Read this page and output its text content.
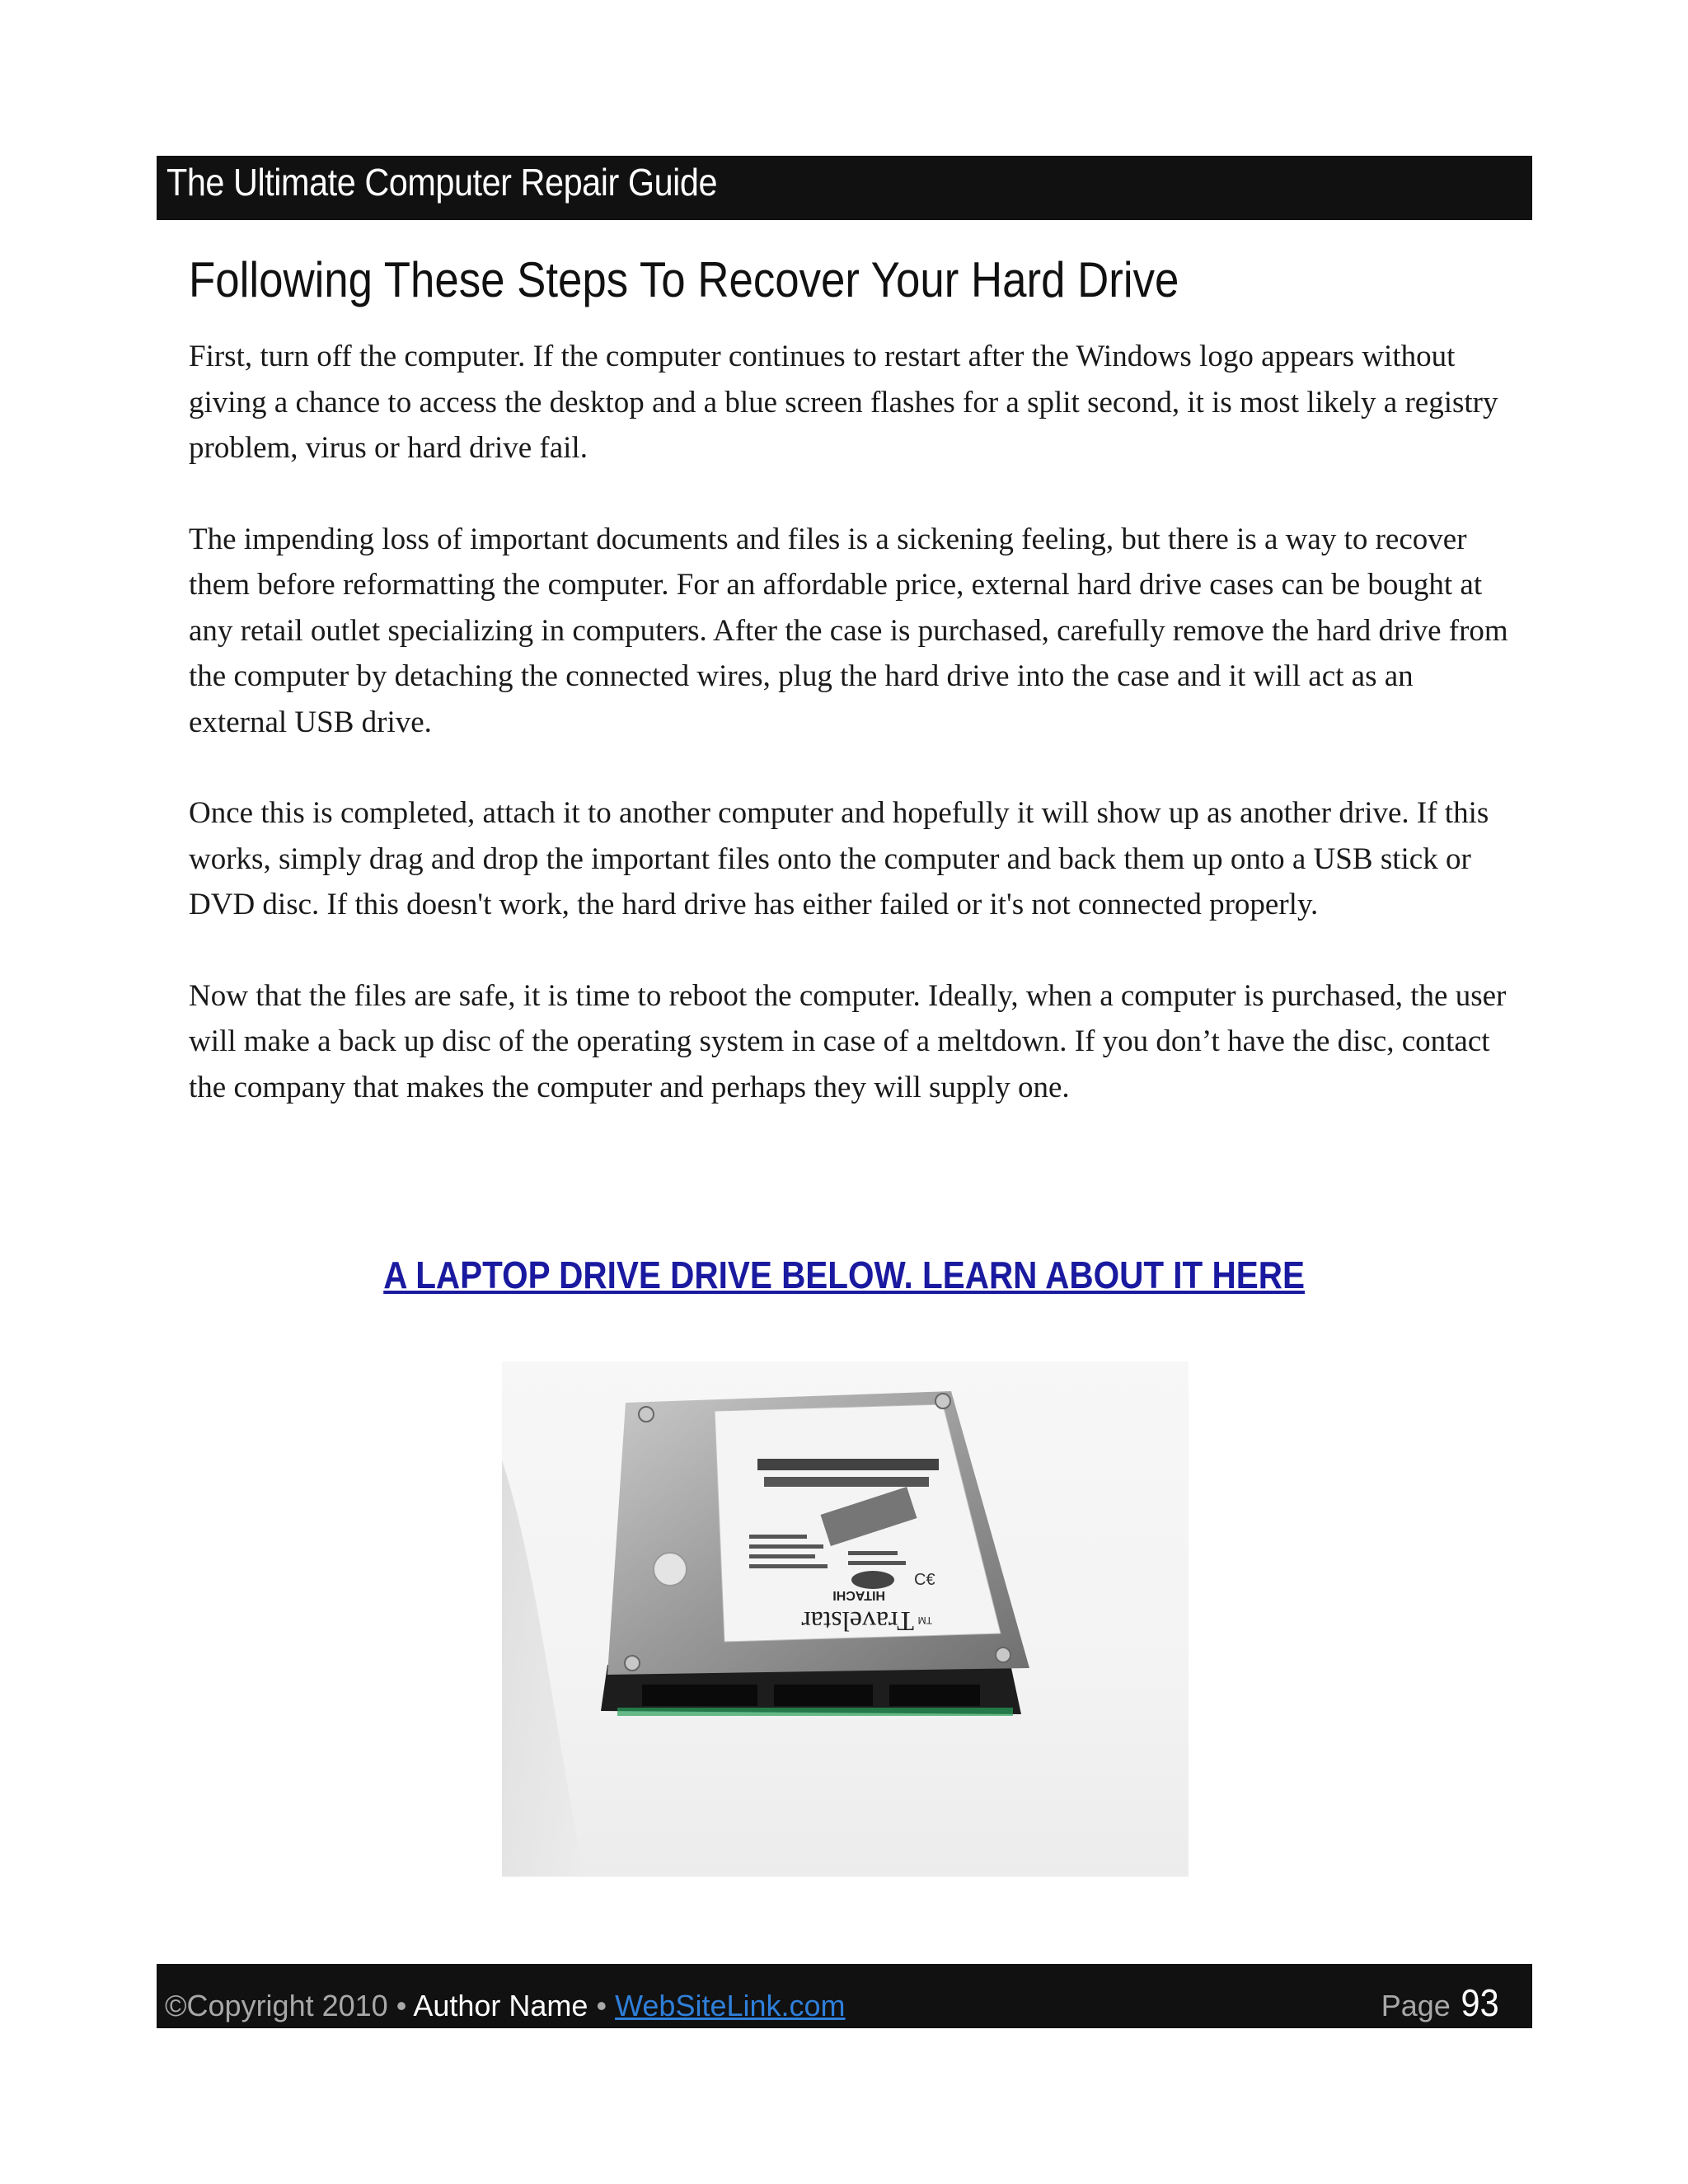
The Ultimate Computer Repair Guide
Following These Steps To Recover Your Hard Drive

First, turn off the computer. If the computer continues to restart after the Windows logo appears without giving a chance to access the desktop and a blue screen flashes for a split second, it is most likely a registry problem, virus or hard drive fail.

The impending loss of important documents and files is a sickening feeling, but there is a way to recover them before reformatting the computer. For an affordable price, external hard drive cases can be bought at any retail outlet specializing in computers. After the case is purchased, carefully remove the hard drive from the computer by detaching the connected wires, plug the hard drive into the case and it will act as an external USB drive.

Once this is completed, attach it to another computer and hopefully it will show up as another drive. If this works, simply drag and drop the important files onto the computer and back them up onto a USB stick or DVD disc. If this doesn't work, the hard drive has either failed or it's not connected properly.

Now that the files are safe, it is time to reboot the computer. Ideally, when a computer is purchased, the user will make a back up disc of the operating system in case of a meltdown. If you don’t have the disc, contact the company that makes the computer and perhaps they will supply one.

A LAPTOP DRIVE DRIVE BELOW. LEARN ABOUT IT HERE
C€
Travelstar TM
HITACHI
©Copyright 2010 • Author Name • WebSiteLink.com	Page 93
